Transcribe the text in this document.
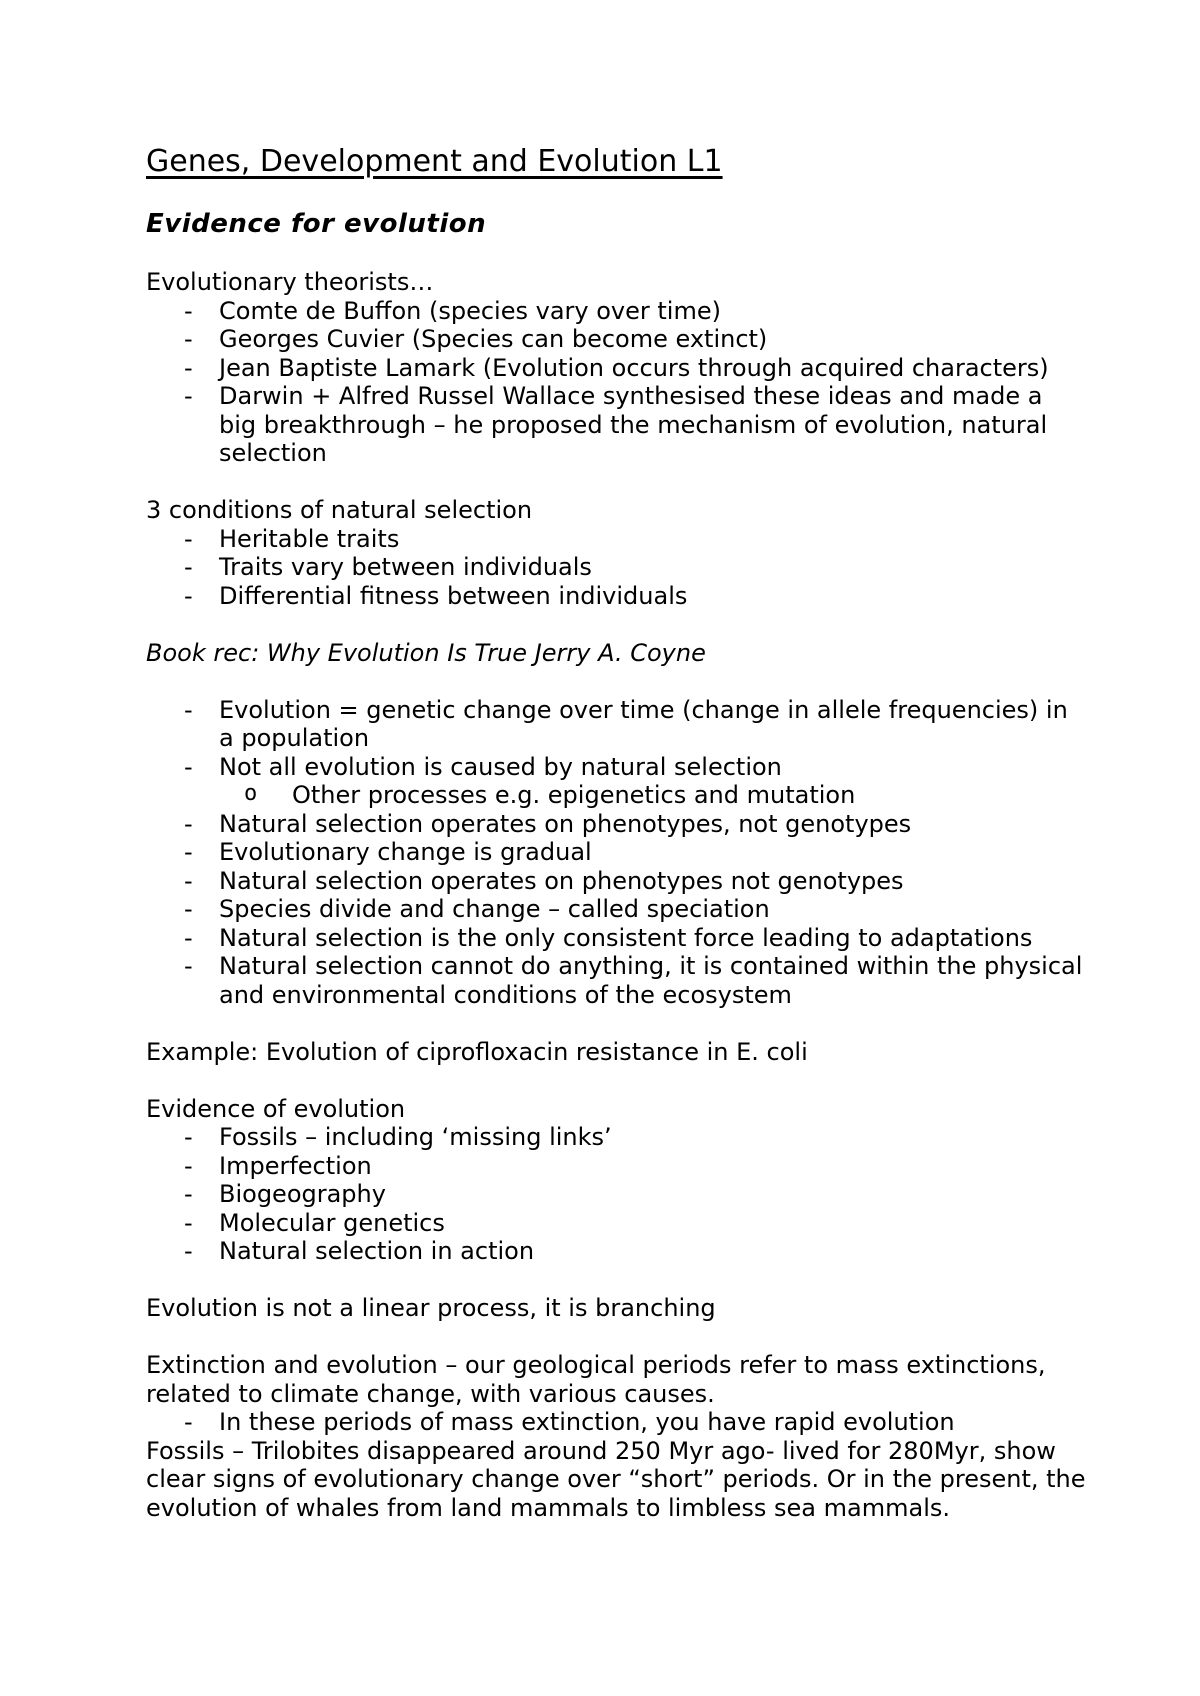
Genes, Development and Evolution L1
Evidence for evolution

Evolutionary theorists…

- Comte de Buffon (species vary over time)
- Georges Cuvier (Species can become extinct)
- Jean Baptiste Lamark (Evolution occurs through acquired characters)
- Darwin + Alfred Russel Wallace synthesised these ideas and made a big breakthrough – he proposed the mechanism of evolution, natural selection

3 conditions of natural selection

- Heritable traits
- Traits vary between individuals
- Differential fitness between individuals

Book rec: Why Evolution Is True Jerry A. Coyne

- Evolution = genetic change over time (change in allele frequencies) in a population
- Not all evolution is caused by natural selection
o Other processes e.g. epigenetics and mutation
- Natural selection operates on phenotypes, not genotypes
- Evolutionary change is gradual
- Natural selection operates on phenotypes not genotypes
- Species divide and change – called speciation
- Natural selection is the only consistent force leading to adaptations
- Natural selection cannot do anything, it is contained within the physical and environmental conditions of the ecosystem

Example: Evolution of ciprofloxacin resistance in E. coli

Evidence of evolution

- Fossils – including ‘missing links’
- Imperfection
- Biogeography
- Molecular genetics
- Natural selection in action

Evolution is not a linear process, it is branching

Extinction and evolution – our geological periods refer to mass extinctions, related to climate change, with various causes.

- In these periods of mass extinction, you have rapid evolution

Fossils – Trilobites disappeared around 250 Myr ago- lived for 280Myr, show clear signs of evolutionary change over “short” periods. Or in the present, the evolution of whales from land mammals to limbless sea mammals.
